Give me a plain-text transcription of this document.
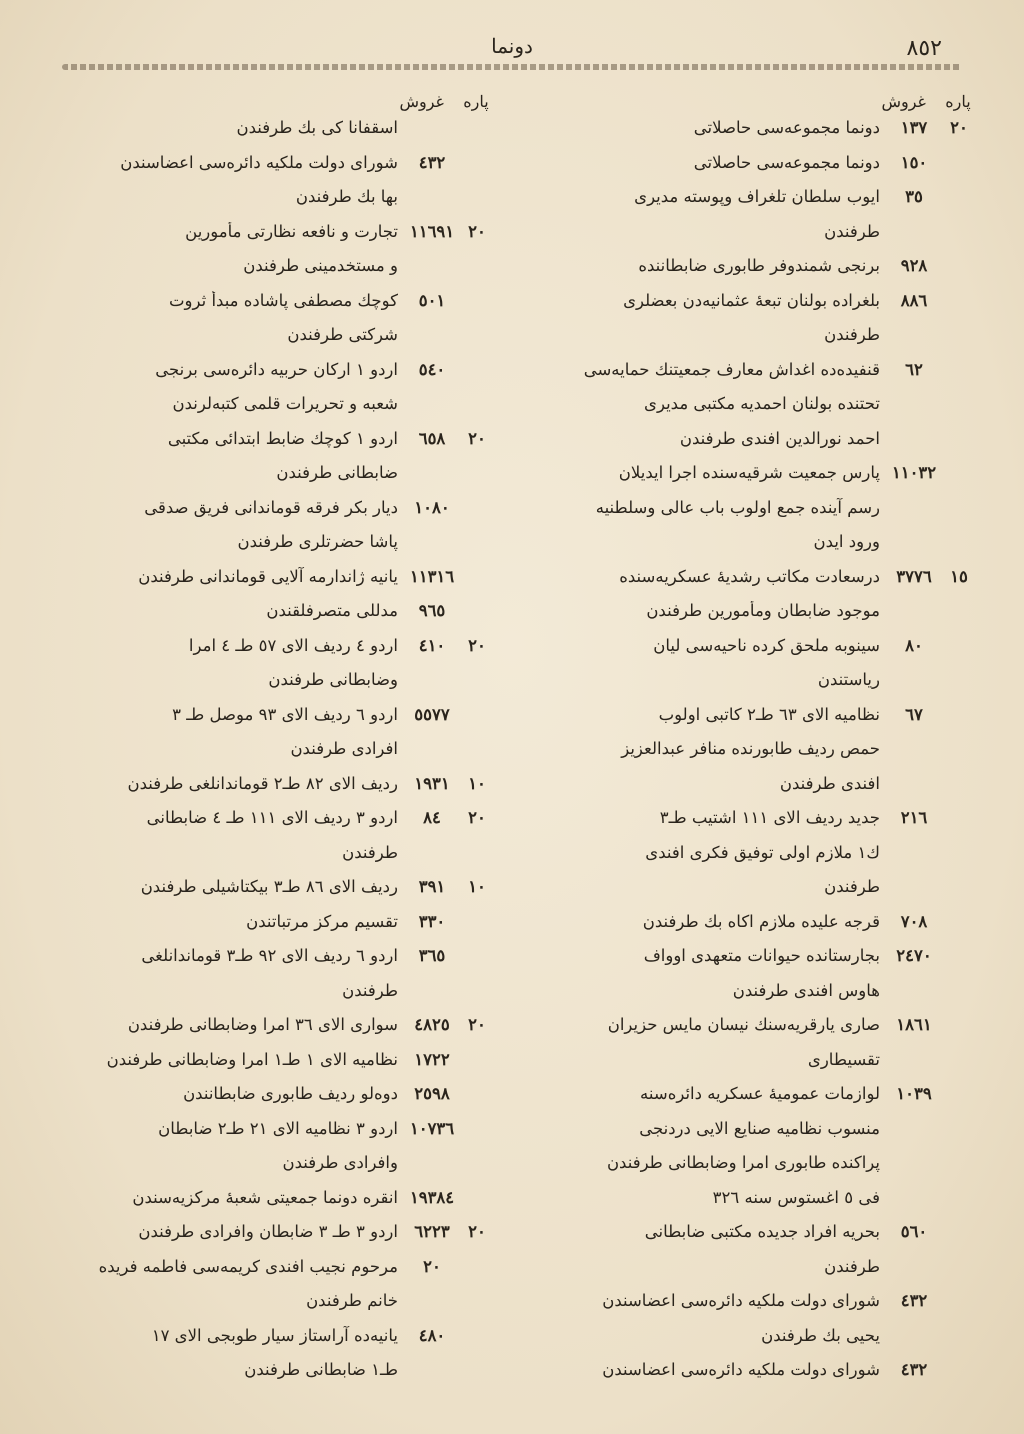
٨٥٢
دونما
پاره غروش
٢٠
١٣٧
دونما مجموعه‌سی حاصلاتی
١٥٠
دونما مجموعه‌سی حاصلاتی
٣٥
ایوب سلطان تلغراف وپوسته مدیری
طرفندن
٩٢٨
برنجی شمندوفر طابوری ضابطاننده
٨٨٦
بلغراده بولنان تبعهٔ عثمانیه‌دن بعضلری
طرفندن
٦٢
قنفیده‌ده اغداش معارف جمعیتنك حمایه‌سی
تحتنده بولنان احمدیه مکتبی مدیری
احمد نورالدین افندی طرفندن
١١٠٣٢
پارس جمعیت شرقیه‌سنده اجرا ایدیلان
رسم آینده جمع اولوب باب عالی وسلطنیه
ورود ایدن
١٥
٣٧٧٦
درسعادت مکاتب رشدیهٔ عسکریه‌سنده
موجود ضابطان ومأمورین طرفندن
٨٠
سینوبه ملحق کرده ناحیه‌سی لیان
ریاستندن
٦٧
نظامیه الای ٦٣ طـ٢ کاتبی اولوب
حمص ردیف طابورنده منافر عبدالعزیز
افندی طرفندن
٢١٦
جدید ردیف الای ١١١ اشتیب طـ٣
ك١ ملازم اولی توفیق فکری افندی
طرفندن
٧٠٨
قرجه علیده ملازم اکاه بك طرفندن
٢٤٧٠
بجارستانده حیوانات متعهدی اوواف
هاوس افندی طرفندن
١٨٦١
صاری یارقریه‌سنك نیسان مایس حزیران
تقسیطاری
١٠٣٩
لوازمات عمومیهٔ عسکریه دائره‌سنه
منسوب نظامیه صنایع الایی دردنجی
پراکنده طابوری امرا وضابطانی طرفندن
فی ٥ اغستوس سنه ٣٢٦
٥٦٠
بحریه افراد جدیده مکتبی ضابطانی
طرفندن
٤٣٢
شورای دولت ملکیه دائره‌سی اعضاسندن
یحیی بك طرفندن
٤٣٢
شورای دولت ملکیه دائره‌سی اعضاسندن
پاره غروش
اسقفانا کی بك طرفندن
٤٣٢
شورای دولت ملکیه دائره‌سی اعضاسندن
بها بك طرفندن
٢٠
١١٦٩١
تجارت و نافعه نظارتی مأمورین
و مستخدمینی طرفندن
٥٠١
کوچك مصطفی پاشاده مبدأ ثروت
شرکتی طرفندن
٥٤٠
اردو ١ ارکان حربیه دائره‌سی برنجی
شعبه و تحریرات قلمی کتبه‌لرندن
٢٠
٦٥٨
اردو ١ کوچك ضابط ابتدائی مکتبی
ضابطانی طرفندن
١٠٨٠
دیار بکر فرقه قوماندانی فریق صدقی
پاشا حضرتلری طرفندن
١١٣١٦
یانیه ژاندارمه آلایی قوماندانی طرفندن
٩٦٥
مدللی متصرفلقندن
٢٠
٤١٠
اردو ٤ ردیف الای ٥٧ طـ ٤ امرا
وضابطانی طرفندن
٥٥٧٧
اردو ٦ ردیف الای ٩٣ موصل طـ ٣
افرادی طرفندن
١٠
١٩٣١
ردیف الای ٨٢ طـ٢ قوماندانلغی طرفندن
٢٠
٨٤
اردو ٣ ردیف الای ١١١ طـ ٤ ضابطانی
طرفندن
١٠
٣٩١
ردیف الای ٨٦ طـ٣ بیکتاشیلی طرفندن
٣٣٠
تقسیم مرکز مرتباتندن
٣٦٥
اردو ٦ ردیف الای ٩٢ طـ٣ قوماندانلغی
طرفندن
٢٠
٤٨٢٥
سواری الای ٣٦ امرا وضابطانی طرفندن
١٧٢٢
نظامیه الای ١ طـ١ امرا وضابطانی طرفندن
٢٥٩٨
دوه‌لو ردیف طابوری ضابطانندن
١٠٧٣٦
اردو ٣ نظامیه الای ٢١ طـ٢ ضابطان
وافرادی طرفندن
١٩٣٨٤
انقره دونما جمعیتی شعبهٔ مرکزیه‌سندن
٢٠
٦٢٢٣
اردو ٣ طـ ٣ ضابطان وافرادی طرفندن
٢٠
مرحوم نجیب افندی کریمه‌سی فاطمه فریده
خانم طرفندن
٤٨٠
یانیه‌ده آراستاز سیار طوبجی الای ١٧
طـ١ ضابطانی طرفندن
